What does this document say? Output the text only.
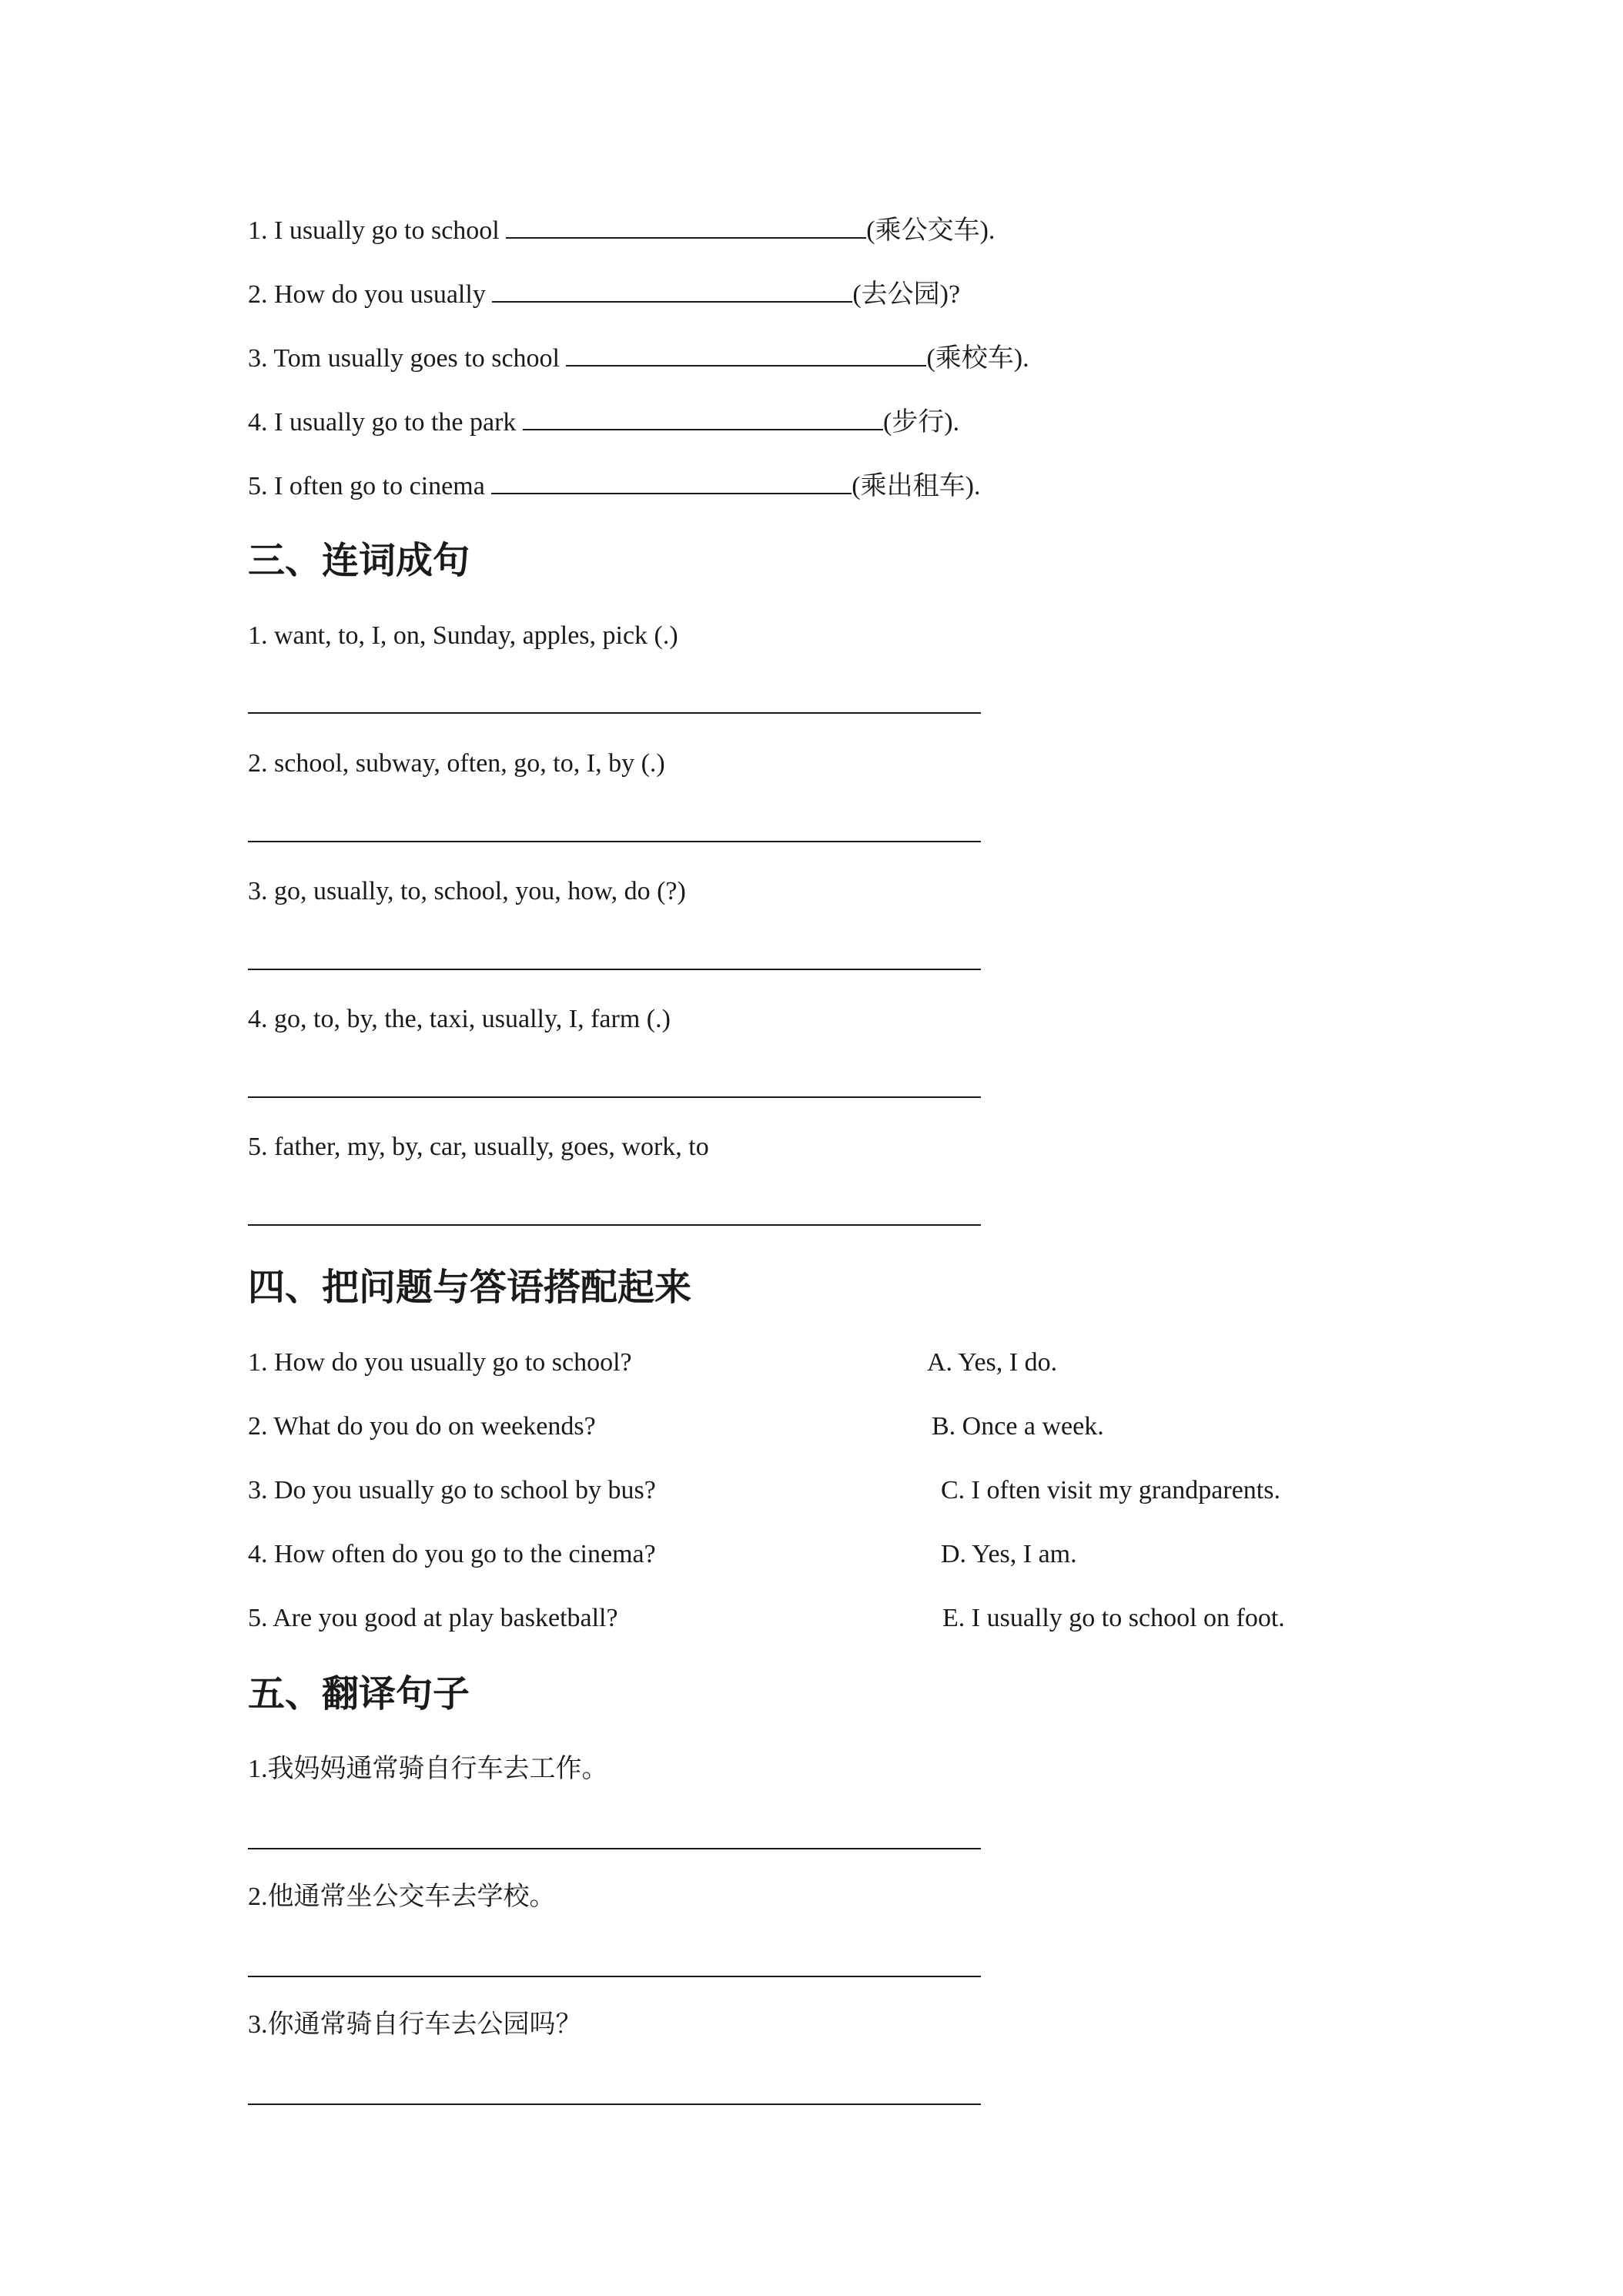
1. I usually go to school	(乘公交车).
2. How do you usually	(去公园)?
3. Tom usually goes to school	(乘校车).
4. I usually go to the park	(步行).
5. I often go to cinema	(乘出租车).
三、连词成句
1. want, to, I, on, Sunday, apples, pick (.)
2. school, subway, often, go, to, I, by (.)
3. go, usually, to, school, you, how, do (?)
4. go, to, by, the, taxi, usually, I, farm (.)
5. father, my, by, car, usually, goes, work, to
四、把问题与答语搭配起来
1. How do you usually go to school?	A. Yes, I do.
2. What do you do on weekends?	B. Once a week.
3. Do you usually go to school by bus?	C. I often visit my grandparents.
4. How often do you go to the cinema?	D. Yes, I am.
5. Are you good at play basketball?	E. I usually go to school on foot.
五、翻译句子
1.我妈妈通常骑自行车去工作。
2.他通常坐公交车去学校。
3.你通常骑自行车去公园吗？
